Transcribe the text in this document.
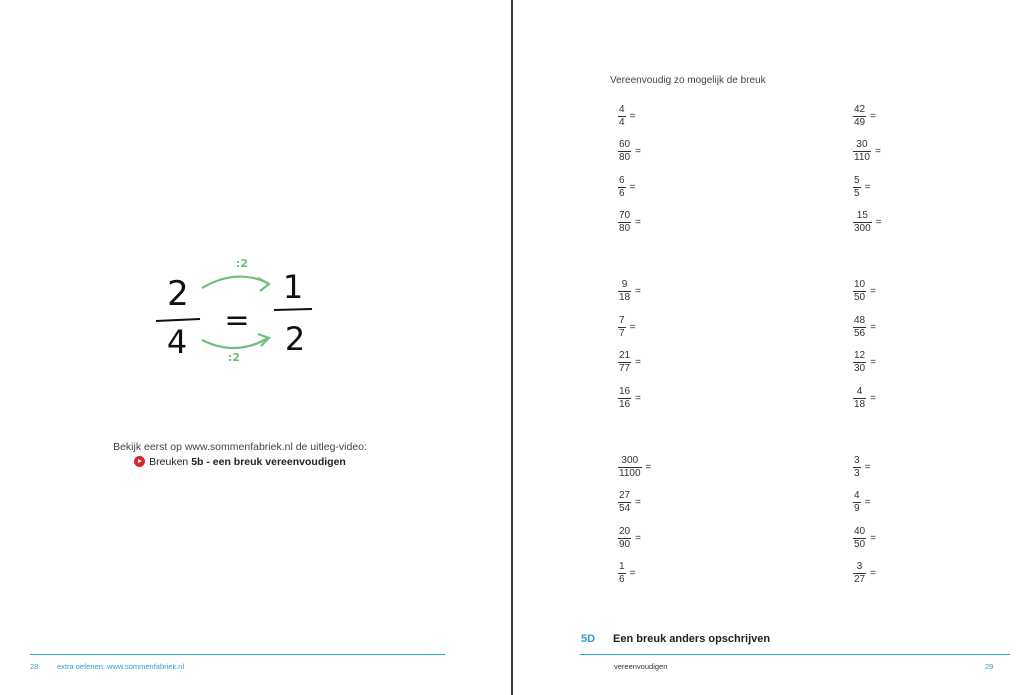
2
4
=
1
2
:2
:2
Bekijk eerst op www.sommenfabriek.nl de uitleg-video:
Breuken 5b - een breuk vereenvoudigen
28 extra oefenen: www.sommenfabriek.nl
Vereenvoudig zo mogelijk de breuk
$\frac{4}{4}$ =	$\frac{42}{49}$ =
$\frac{60}{80}$ =	$\frac{30}{110}$ =
$\frac{6}{6}$ =	$\frac{5}{5}$ =
$\frac{70}{80}$ =	$\frac{15}{300}$ =
$\frac{9}{18}$ =	$\frac{10}{50}$ =
$\frac{7}{7}$ =	$\frac{48}{56}$ =
$\frac{21}{77}$ =	$\frac{12}{30}$ =
$\frac{16}{16}$ =	$\frac{4}{18}$ =
$\frac{300}{1100}$ =	$\frac{3}{3}$ =
$\frac{27}{54}$ =	$\frac{4}{9}$ =
$\frac{20}{90}$ =	$\frac{40}{50}$ =
$\frac{1}{6}$ =	$\frac{3}{27}$ =
5D Een breuk anders opschrijven
vereenvoudigen	29
